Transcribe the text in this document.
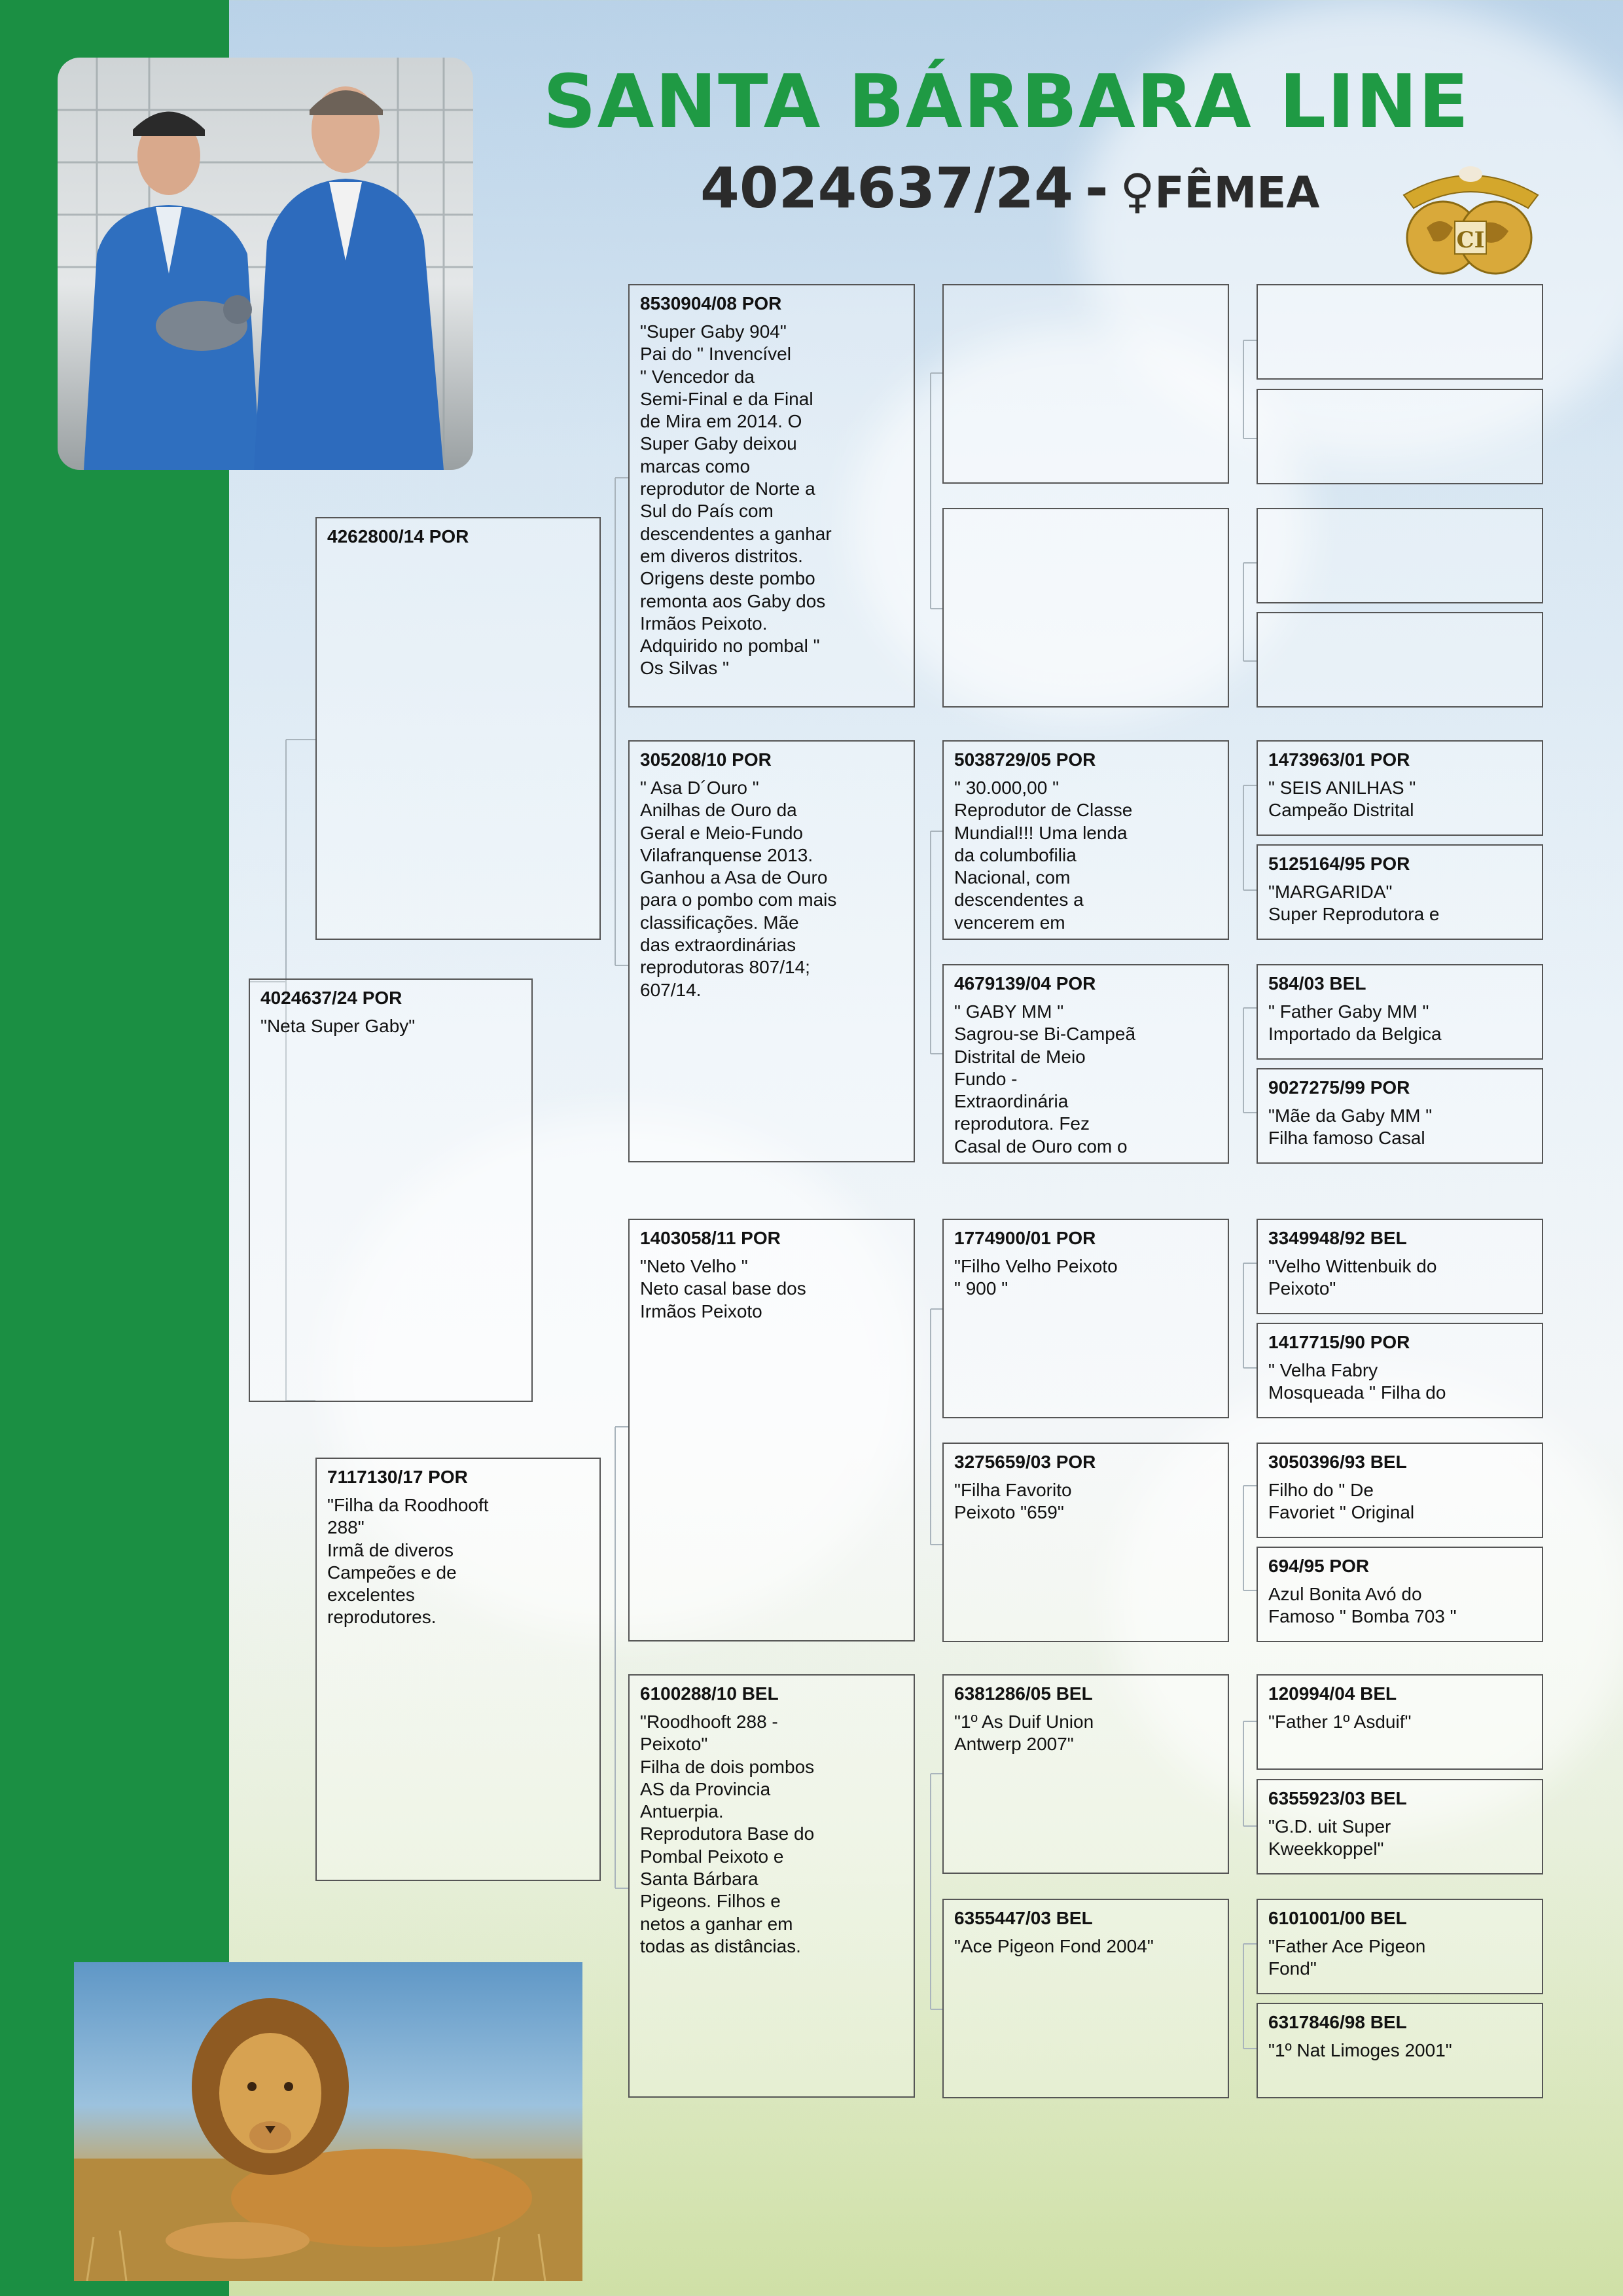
SANTA BÁRBARA LINE
4024637/24 - ♀FÊMEA
CI
4024637/24 POR
"Neta Super Gaby"
4262800/14 POR
7117130/17 POR
"Filha da Roodhooft
288"
Irmã de diveros
Campeões e de
excelentes
reprodutores.
8530904/08 POR
"Super Gaby 904"
Pai do " Invencível
" Vencedor da
Semi-Final e da Final
de Mira em 2014. O
Super Gaby deixou
marcas como
reprodutor de Norte a
Sul do País com
descendentes a ganhar
em diveros distritos.
Origens deste pombo
remonta aos Gaby dos
Irmãos Peixoto.
Adquirido no pombal "
Os Silvas "
305208/10 POR
" Asa D´Ouro "
Anilhas de Ouro da
Geral e Meio-Fundo
Vilafranquense 2013.
Ganhou a Asa de Ouro
para o pombo com mais
classificações. Mãe
das extraordinárias
reprodutoras 807/14;
607/14.
1403058/11 POR
"Neto Velho "
Neto casal base dos
Irmãos Peixoto
6100288/10 BEL
"Roodhooft 288 -
Peixoto"
Filha de dois pombos
AS da Provincia
Antuerpia.
Reprodutora Base do
Pombal Peixoto e
Santa Bárbara
Pigeons. Filhos e
netos a ganhar em
todas as distâncias.
5038729/05 POR
" 30.000,00 "
Reprodutor de Classe
Mundial!!! Uma lenda
da columbofilia
Nacional, com
descendentes a
vencerem em
4679139/04 POR
" GABY MM "
Sagrou-se Bi-Campeã
Distrital de Meio
Fundo -
Extraordinária
reprodutora. Fez
Casal de Ouro com o
1774900/01 POR
"Filho Velho Peixoto
" 900 "
3275659/03 POR
"Filha Favorito
Peixoto "659"
6381286/05 BEL
"1º As Duif Union
Antwerp 2007"
6355447/03 BEL
"Ace Pigeon Fond 2004"
1473963/01 POR
" SEIS ANILHAS "
Campeão Distrital
5125164/95 POR
"MARGARIDA"
Super Reprodutora e
584/03 BEL
" Father Gaby MM "
Importado da Belgica
9027275/99 POR
"Mãe da Gaby MM "
Filha famoso Casal
3349948/92 BEL
"Velho Wittenbuik do
Peixoto"
1417715/90 POR
" Velha Fabry
Mosqueada " Filha do
3050396/93 BEL
Filho do " De
Favoriet " Original
694/95 POR
Azul Bonita Avó do
Famoso " Bomba 703 "
120994/04 BEL
"Father 1º Asduif"
6355923/03 BEL
"G.D. uit Super
Kweekkoppel"
6101001/00 BEL
"Father Ace Pigeon
Fond"
6317846/98 BEL
"1º Nat Limoges 2001"
